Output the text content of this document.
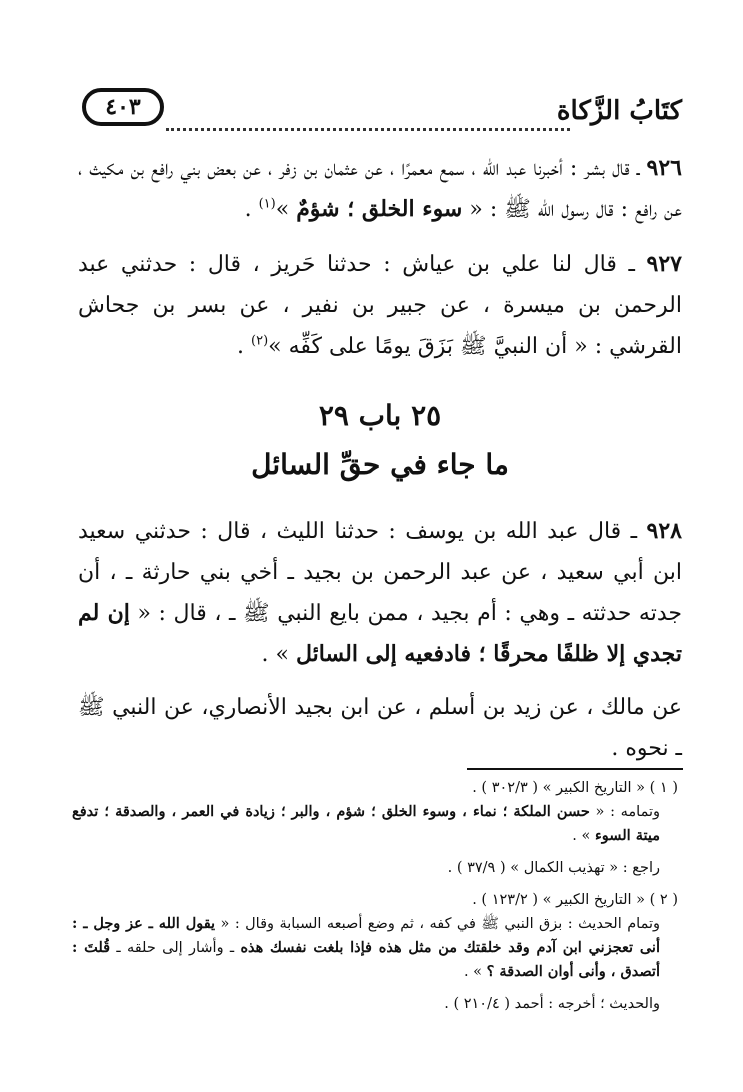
كتَابُ الزَّكاة
٤٠٣

٩٢٦ ـ قال بشر : أخبرنا عبد الله ، سمع معمرًا ، عن عثمان بن زفر ، عن بعض بني رافع بن مكيث ، عن رافع : قال رسول الله ﷺ : « سوء الخلق ؛ شؤمٌ »$^{(١)}$ .

٩٢٧ ـ قال لنا علي بن عياش : حدثنا حَريز ، قال : حدثني عبد الرحمن بن ميسرة ، عن جبير بن نفير ، عن بسر بن جحاش القرشي : « أن النبيَّ ﷺ بَزَقَ يومًا على كَفِّه »$^{(٢)}$ .

٢٥ باب ٢٩
ما جاء في حقِّ السائل

٩٢٨ ـ قال عبد الله بن يوسف : حدثنا الليث ، قال : حدثني سعيد ابن أبي سعيد ، عن عبد الرحمن بن بجيد ـ أخي بني حارثة ـ ، أن جدته حدثته ـ وهي : أم بجيد ، ممن بايع النبي ﷺ ـ ، قال : « إن لم تجدي إلا ظلفًا محرقًا ؛ فادفعيه إلى السائل » .

عن مالك ، عن زيد بن أسلم ، عن ابن بجيد الأنصاري، عن النبي ﷺ ـ نحوه .

( ١ ) « التاريخ الكبير » ( ٣٠٢/٣ ) .

وتمامه : « حسن الملكة ؛ نماء ، وسوء الخلق ؛ شؤم ، والبر ؛ زيادة في العمر ، والصدقة ؛ تدفع ميتة السوء » .

راجع : « تهذيب الكمال » ( ٣٧/٩ ) .

( ٢ ) « التاريخ الكبير » ( ١٢٣/٢ ) .

وتمام الحديث : بزق النبي ﷺ في كفه ، ثم وضع أصبعه السبابة وقال : « يقول الله ـ عز وجل ـ : أنى تعجزني ابن آدم وقد خلقتك من مثل هذه فإذا بلغت نفسك هذه ـ وأشار إلى حلقه ـ قُلتَ : أتصدق ، وأنى أوان الصدقة ؟ » .

والحديث ؛ أخرجه : أحمد ( ٢١٠/٤ ) .
